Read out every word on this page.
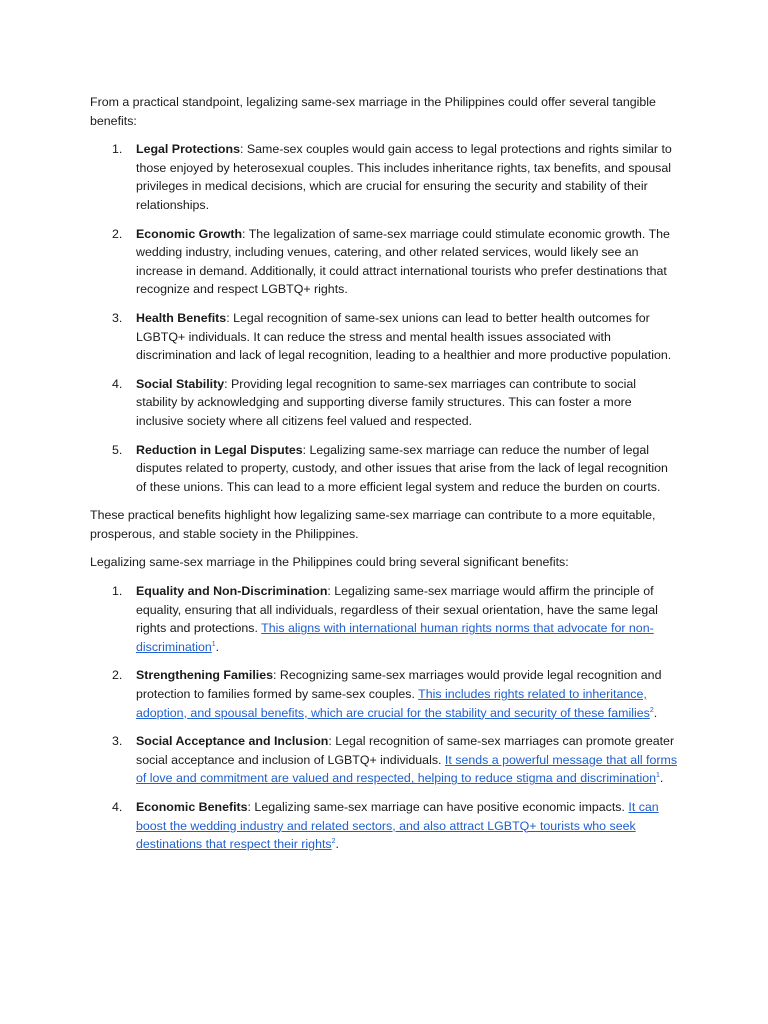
From a practical standpoint, legalizing same-sex marriage in the Philippines could offer several tangible benefits:

1. Legal Protections: Same-sex couples would gain access to legal protections and rights similar to those enjoyed by heterosexual couples. This includes inheritance rights, tax benefits, and spousal privileges in medical decisions, which are crucial for ensuring the security and stability of their relationships.
2. Economic Growth: The legalization of same-sex marriage could stimulate economic growth. The wedding industry, including venues, catering, and other related services, would likely see an increase in demand. Additionally, it could attract international tourists who prefer destinations that recognize and respect LGBTQ+ rights.
3. Health Benefits: Legal recognition of same-sex unions can lead to better health outcomes for LGBTQ+ individuals. It can reduce the stress and mental health issues associated with discrimination and lack of legal recognition, leading to a healthier and more productive population.
4. Social Stability: Providing legal recognition to same-sex marriages can contribute to social stability by acknowledging and supporting diverse family structures. This can foster a more inclusive society where all citizens feel valued and respected.
5. Reduction in Legal Disputes: Legalizing same-sex marriage can reduce the number of legal disputes related to property, custody, and other issues that arise from the lack of legal recognition of these unions. This can lead to a more efficient legal system and reduce the burden on courts.

These practical benefits highlight how legalizing same-sex marriage can contribute to a more equitable, prosperous, and stable society in the Philippines.

Legalizing same-sex marriage in the Philippines could bring several significant benefits:

1. Equality and Non-Discrimination: Legalizing same-sex marriage would affirm the principle of equality, ensuring that all individuals, regardless of their sexual orientation, have the same legal rights and protections. This aligns with international human rights norms that advocate for non-discrimination$^1$.
2. Strengthening Families: Recognizing same-sex marriages would provide legal recognition and protection to families formed by same-sex couples. This includes rights related to inheritance, adoption, and spousal benefits, which are crucial for the stability and security of these families$^2$.
3. Social Acceptance and Inclusion: Legal recognition of same-sex marriages can promote greater social acceptance and inclusion of LGBTQ+ individuals. It sends a powerful message that all forms of love and commitment are valued and respected, helping to reduce stigma and discrimination$^1$.
4. Economic Benefits: Legalizing same-sex marriage can have positive economic impacts. It can boost the wedding industry and related sectors, and also attract LGBTQ+ tourists who seek destinations that respect their rights$^2$.
